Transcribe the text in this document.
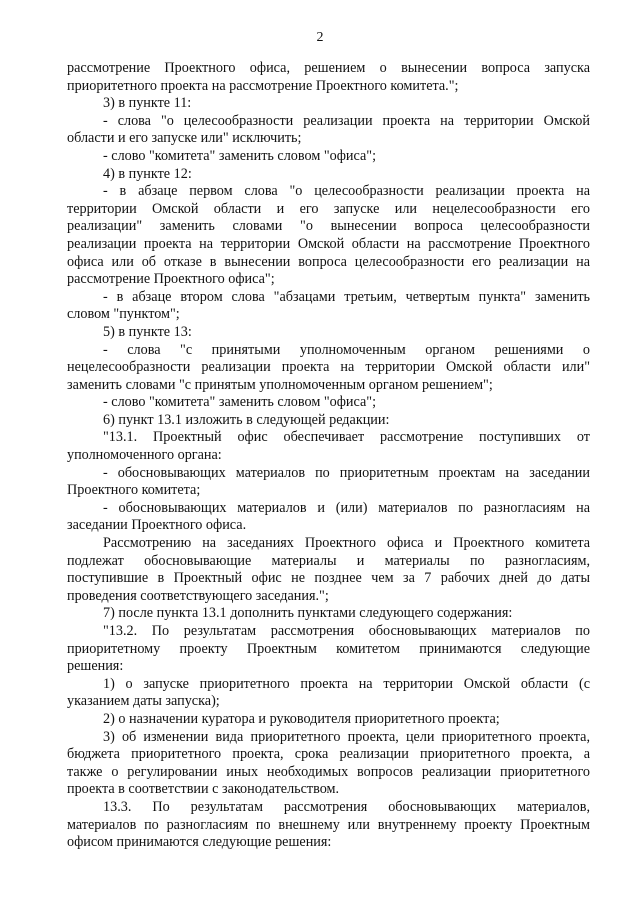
2
рассмотрение Проектного офиса, решением о вынесении вопроса запуска
приоритетного проекта на рассмотрение Проектного комитета.";
3) в пункте 11:
- слова "о целесообразности реализации проекта на территории Омской
области и его запуске или" исключить;
- слово "комитета" заменить словом "офиса";
4) в пункте 12:
- в абзаце первом слова "о целесообразности реализации проекта на
территории Омской области и его запуске или нецелесообразности его
реализации" заменить словами "о вынесении вопроса целесообразности
реализации проекта на территории Омской области на рассмотрение Проектного
офиса или об отказе в вынесении вопроса целесообразности его реализации на
рассмотрение Проектного офиса";
- в абзаце втором слова "абзацами третьим, четвертым пункта" заменить
словом "пунктом";
5) в пункте 13:
- слова "с принятыми уполномоченным органом решениями о
нецелесообразности реализации проекта на территории Омской области или"
заменить словами "с принятым уполномоченным органом решением";
- слово "комитета" заменить словом "офиса";
6) пункт 13.1 изложить в следующей редакции:
"13.1. Проектный офис обеспечивает рассмотрение поступивших от
уполномоченного органа:
- обосновывающих материалов по приоритетным проектам на заседании
Проектного комитета;
- обосновывающих материалов и (или) материалов по разногласиям на
заседании Проектного офиса.
Рассмотрению на заседаниях Проектного офиса и Проектного комитета
подлежат обосновывающие материалы и материалы по разногласиям,
поступившие в Проектный офис не позднее чем за 7 рабочих дней до даты
проведения соответствующего заседания.";
7) после пункта 13.1 дополнить пунктами следующего содержания:
"13.2. По результатам рассмотрения обосновывающих материалов по
приоритетному проекту Проектным комитетом принимаются следующие
решения:
1) о запуске приоритетного проекта на территории Омской области (с
указанием даты запуска);
2) о назначении куратора и руководителя приоритетного проекта;
3) об изменении вида приоритетного проекта, цели приоритетного проекта,
бюджета приоритетного проекта, срока реализации приоритетного проекта, а
также о регулировании иных необходимых вопросов реализации приоритетного
проекта в соответствии с законодательством.
13.3. По результатам рассмотрения обосновывающих материалов,
материалов по разногласиям по внешнему или внутреннему проекту Проектным
офисом принимаются следующие решения:
